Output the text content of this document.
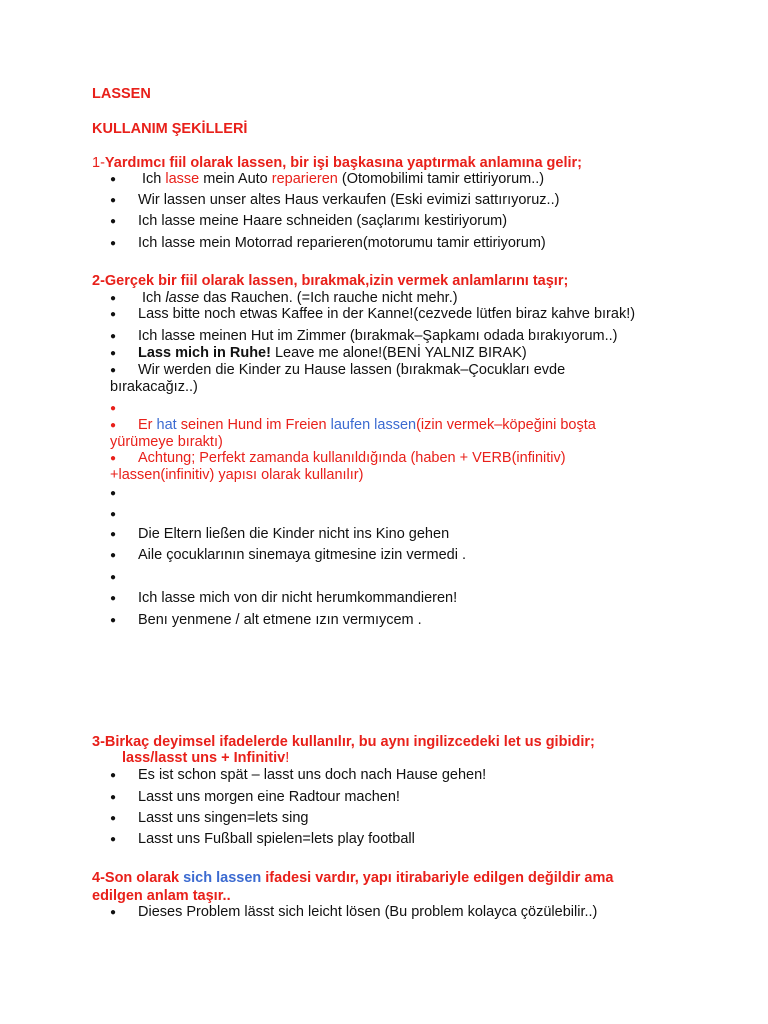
LASSEN
KULLANIM ŞEKİLLERİ
1-Yardımcı fiil olarak lassen, bir işi başkasına yaptırmak anlamına gelir;
●	Ich lasse mein Auto reparieren (Otomobilimi tamir ettiriyorum..)
●	Wir lassen unser altes Haus verkaufen (Eski evimizi sattırıyoruz..)
●	Ich lasse meine Haare schneiden (saçlarımı kestiriyorum)
●	Ich lasse mein Motorrad reparieren(motorumu tamir ettiriyorum)
2-Gerçek bir fiil olarak lassen, bırakmak,izin vermek anlamlarını taşır;
●	Ich lasse das Rauchen. (=Ich rauche nicht mehr.)
●	Lass bitte noch etwas Kaffee in der Kanne!(cezvede lütfen biraz kahve bırak!)
●	Ich lasse meinen Hut im Zimmer (bırakmak–Şapkamı odada bırakıyorum..)
●	Lass mich in Ruhe! Leave me alone!(BENİ YALNIZ BIRAK)
●	Wir werden die Kinder zu Hause lassen (bırakmak–Çocukları evde bırakacağız..)
●
●	Er hat seinen Hund im Freien laufen lassen(izin vermek–köpeğini boşta yürümeye bıraktı)
●	Achtung; Perfekt zamanda kullanıldığında (haben + VERB(infinitiv) +lassen(infinitiv) yapısı olarak kullanılır)
●
●
●	Die Eltern ließen die Kinder nicht ins Kino gehen
●	Aile çocuklarının sinemaya gitmesine izin vermedi .
●
●	Ich lasse mich von dir nicht herumkommandieren!
●	Benı yenmene / alt etmene ızın vermıycem .
3-Birkaç deyimsel ifadelerde kullanılır, bu aynı ingilizcedeki let us gibidir;
lass/lasst uns + Infinitiv!
●	Es ist schon spät – lasst uns doch nach Hause gehen!
●	Lasst uns morgen eine Radtour machen!
●	Lasst uns singen=lets sing
●	Lasst uns Fußball spielen=lets play football
4-Son olarak sich lassen ifadesi vardır, yapı itirabariyle edilgen değildir ama edilgen anlam taşır..
●	Dieses Problem lässt sich leicht lösen (Bu problem kolayca çözülebilir..)
